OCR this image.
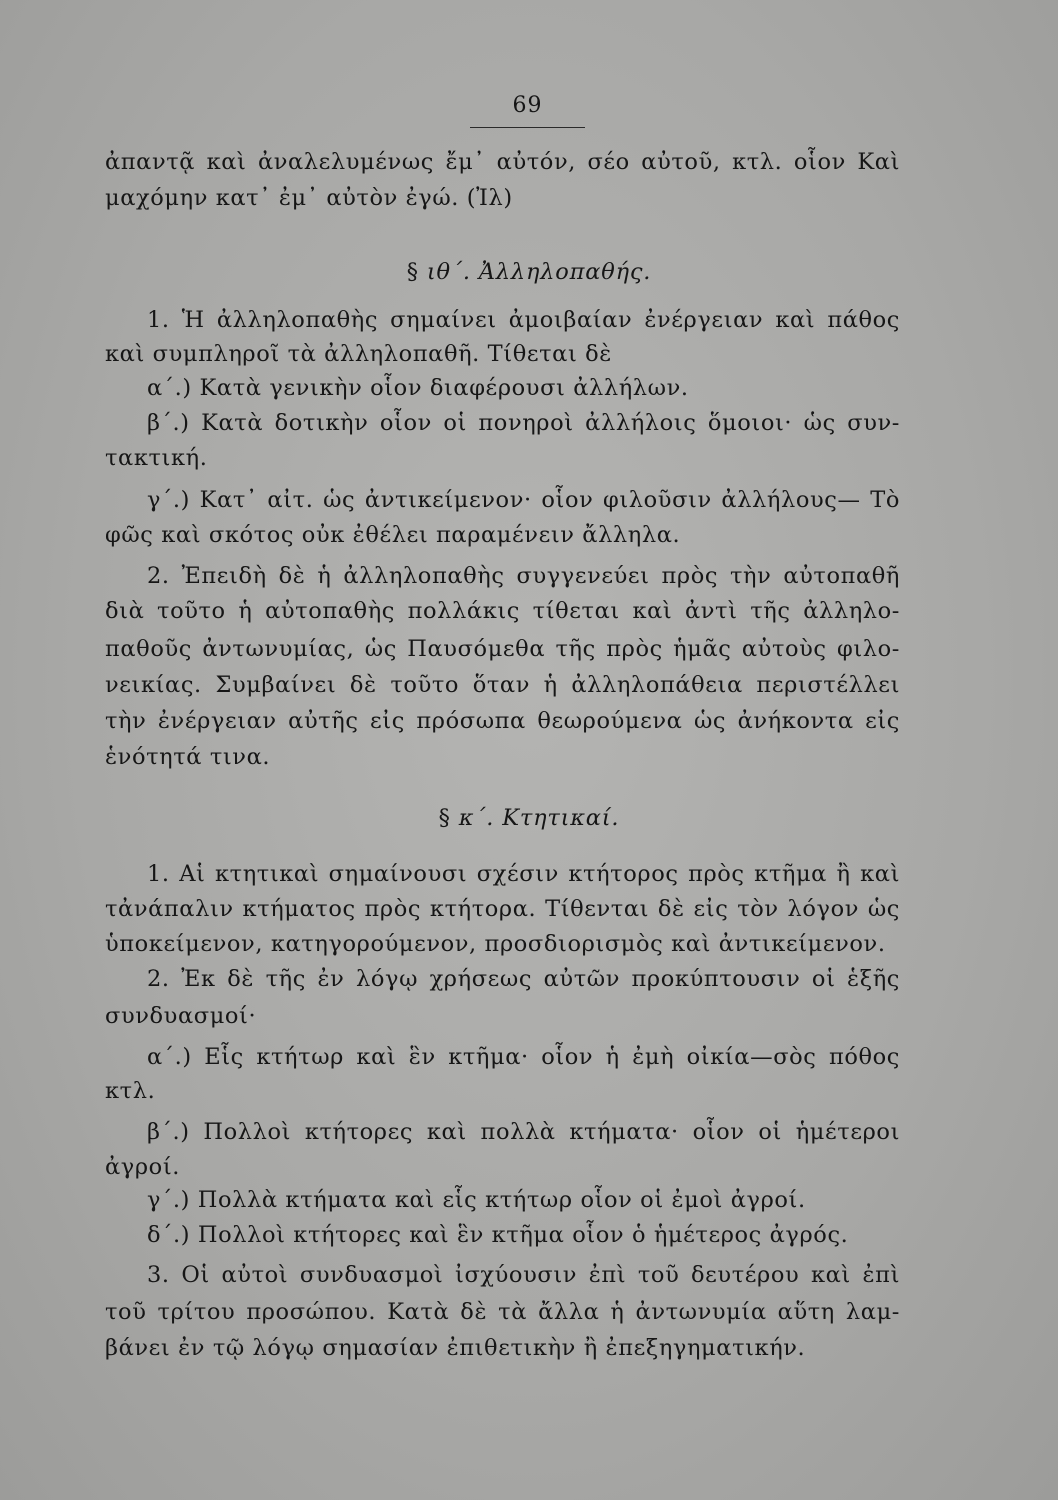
69
ἀπαντᾷ καὶ ἀναλελυμένως ἔμ᾿ αὐτόν, σέο αὐτοῦ, κτλ. οἷον Καὶ
μαχόμην κατ᾿ ἐμ᾿ αὐτὸν ἐγώ. (Ἰλ)
1. Ἡ ἀλληλοπαθὴς σημαίνει ἀμοιβαίαν ἐνέργειαν καὶ πάθος
καὶ συμπληροῖ τὰ ἀλληλοπαθῆ. Τίθεται δὲ
α΄.) Κατὰ γενικὴν οἷον διαφέρουσι ἀλλήλων.
β΄.) Κατὰ δοτικὴν οἷον οἱ πονηροὶ ἀλλήλοις ὅμοιοι· ὡς συν-
τακτική.
γ΄.) Κατ᾿ αἰτ. ὡς ἀντικείμενον· οἷον φιλοῦσιν ἀλλήλους— Τὸ
φῶς καὶ σκότος οὐκ ἐθέλει παραμένειν ἄλληλα.
2. Ἐπειδὴ δὲ ἡ ἀλληλοπαθὴς συγγενεύει πρὸς τὴν αὐτοπαθῆ
διὰ τοῦτο ἡ αὐτοπαθὴς πολλάκις τίθεται καὶ ἀντὶ τῆς ἀλληλο-
παθοῦς ἀντωνυμίας, ὡς Παυσόμεθα τῆς πρὸς ἡμᾶς αὐτοὺς φιλο-
νεικίας. Συμβαίνει δὲ τοῦτο ὅταν ἡ ἀλληλοπάθεια περιστέλλει
τὴν ἐνέργειαν αὐτῆς εἰς πρόσωπα θεωρούμενα ὡς ἀνήκοντα εἰς
ἑνότητά τινα.
1. Αἱ κτητικαὶ σημαίνουσι σχέσιν κτήτορος πρὸς κτῆμα ἢ καὶ
τἀνάπαλιν κτήματος πρὸς κτήτορα. Τίθενται δὲ εἰς τὸν λόγον ὡς
ὑποκείμενον, κατηγορούμενον, προσδιορισμὸς καὶ ἀντικείμενον.
2. Ἐκ δὲ τῆς ἐν λόγῳ χρήσεως αὐτῶν προκύπτουσιν οἱ ἑξῆς
συνδυασμοί·
α΄.) Εἷς κτήτωρ καὶ ἓν κτῆμα· οἷον ἡ ἐμὴ οἰκία—σὸς πόθος
κτλ.
β΄.) Πολλοὶ κτήτορες καὶ πολλὰ κτήματα· οἷον οἱ ἡμέτεροι
ἀγροί.
γ΄.) Πολλὰ κτήματα καὶ εἷς κτήτωρ οἷον οἱ ἐμοὶ ἀγροί.
δ΄.) Πολλοὶ κτήτορες καὶ ἓν κτῆμα οἷον ὁ ἡμέτερος ἀγρός.
3. Οἱ αὐτοὶ συνδυασμοὶ ἰσχύουσιν ἐπὶ τοῦ δευτέρου καὶ ἐπὶ
τοῦ τρίτου προσώπου. Κατὰ δὲ τὰ ἄλλα ἡ ἀντωνυμία αὕτη λαμ-
βάνει ἐν τῷ λόγῳ σημασίαν ἐπιθετικὴν ἢ ἐπεξηγηματικήν.
§ ιθ΄. Ἀλληλοπαθής.
§ κ΄. Κτητικαί.
